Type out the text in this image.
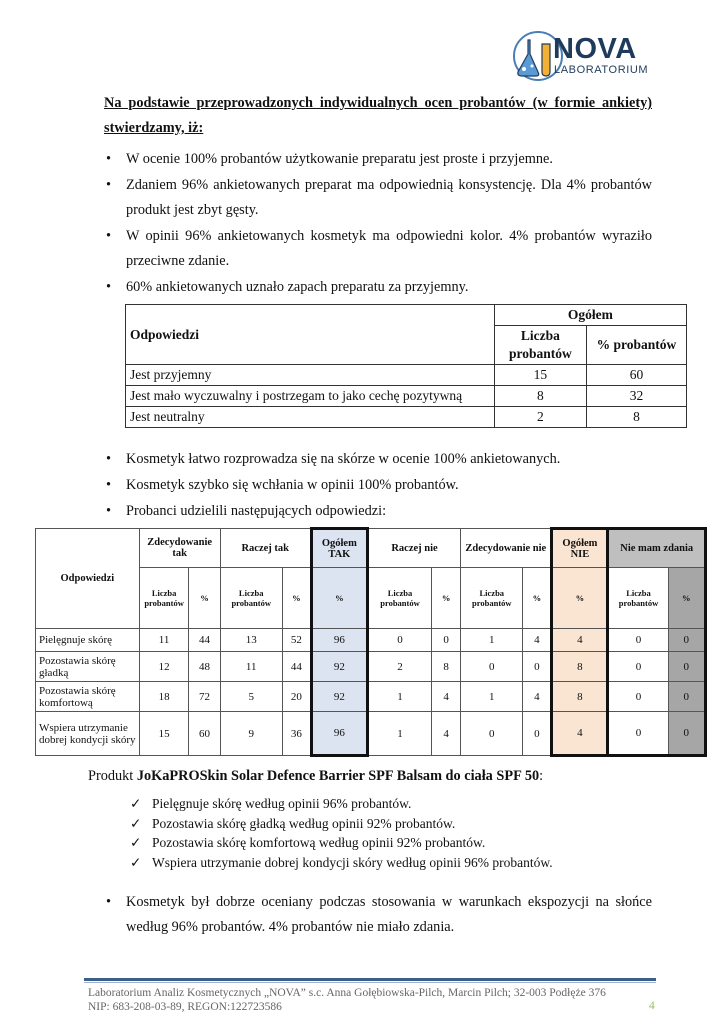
NOVA
LABORATORIUM
Na podstawie przeprowadzonych indywidualnych ocen probantów (w formie ankiety) stwierdzamy, iż:
• W ocenie 100% probantów użytkowanie preparatu jest proste i przyjemne.
• Zdaniem 96% ankietowanych preparat ma odpowiednią konsystencję. Dla 4% probantów produkt jest zbyt gęsty.
• W opinii 96% ankietowanych kosmetyk ma odpowiedni kolor. 4% probantów wyraziło przeciwne zdanie.
• 60% ankietowanych uznało zapach preparatu za przyjemny.
Odpowiedzi	Ogółem	
	Liczba probantów	% probantów
Jest przyjemny	15	60
Jest mało wyczuwalny i postrzegam to jako cechę pozytywną	8	32
Jest neutralny	2	8
• Kosmetyk łatwo rozprowadza się na skórze w ocenie 100% ankietowanych.
• Kosmetyk szybko się wchłania w opinii 100% probantów.
• Probanci udzielili następujących odpowiedzi:
Odpowiedzi	Zdecydowanie tak		Raczej tak		Ogółem TAK	Raczej nie		Zdecydowanie nie		Ogółem NIE	Nie mam zdania	
	Liczba probantów	%	Liczba probantów	%	%	Liczba probantów	%	Liczba probantów	%	%	Liczba probantów	%
Pielęgnuje skórę	11	44	13	52	96	0	0	1	4	4	0	0
Pozostawia skórę gładką	12	48	11	44	92	2	8	0	0	8	0	0
Pozostawia skórę komfortową	18	72	5	20	92	1	4	1	4	8	0	0
Wspiera utrzymanie dobrej kondycji skóry	15	60	9	36	96	1	4	0	0	4	0	0
Produkt JoKaPROSkin Solar Defence Barrier SPF Balsam do ciała SPF 50:
✓ Pielęgnuje skórę według opinii 96% probantów.
✓ Pozostawia skórę gładką według opinii 92% probantów.
✓ Pozostawia skórę komfortową według opinii 92% probantów.
✓ Wspiera utrzymanie dobrej kondycji skóry według opinii 96% probantów.
• Kosmetyk był dobrze oceniany podczas stosowania w warunkach ekspozycji na słońce według 96% probantów. 4% probantów nie miało zdania.
Laboratorium Analiz Kosmetycznych „NOVA” s.c. Anna Gołębiowska-Pilch, Marcin Pilch; 32-003 Podłęże 376
NIP: 683-208-03-89, REGON:122723586	4
